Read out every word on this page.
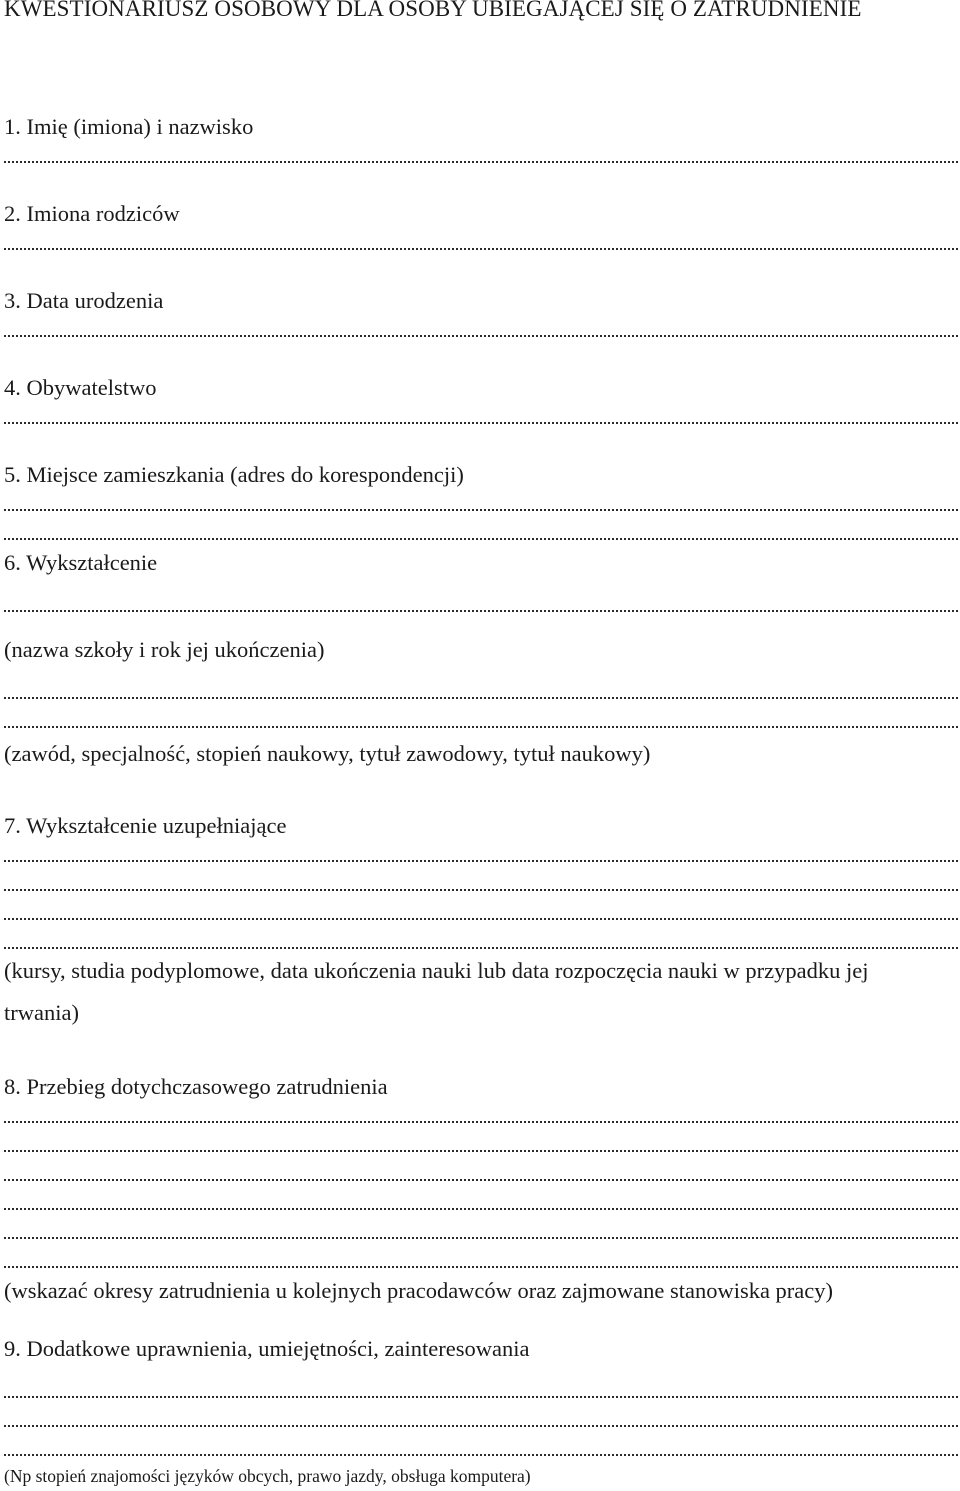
KWESTIONARIUSZ OSOBOWY DLA OSOBY UBIEGAJĄCEJ SIĘ O ZATRUDNIENIE
1. Imię (imiona) i nazwisko
2. Imiona rodziców
3. Data urodzenia
4. Obywatelstwo
5. Miejsce zamieszkania (adres do korespondencji)
6. Wykształcenie
(nazwa szkoły i rok jej ukończenia)
(zawód, specjalność, stopień naukowy, tytuł zawodowy, tytuł naukowy)
7. Wykształcenie uzupełniające
(kursy, studia podyplomowe, data ukończenia nauki lub data rozpoczęcia nauki w przypadku jej trwania)
8. Przebieg dotychczasowego zatrudnienia
(wskazać okresy zatrudnienia u kolejnych pracodawców oraz zajmowane stanowiska pracy)
9. Dodatkowe uprawnienia, umiejętności, zainteresowania
(Np stopień znajomości języków obcych, prawo jazdy, obsługa komputera)
